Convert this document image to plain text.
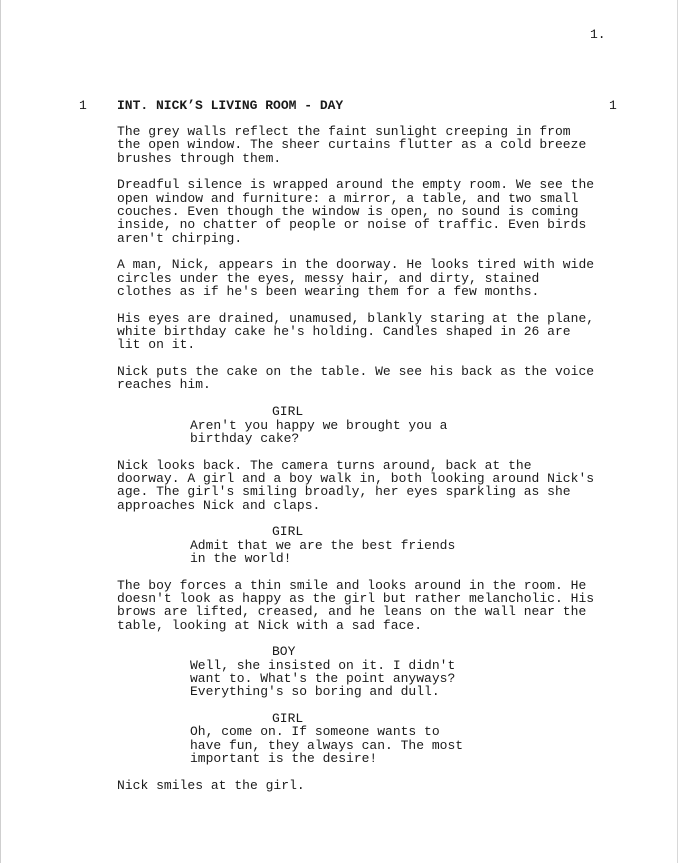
1.
1 INT. NICK’S LIVING ROOM - DAY	1

The grey walls reflect the faint sunlight creeping in from
the open window. The sheer curtains flutter as a cold breeze
brushes through them.

Dreadful silence is wrapped around the empty room. We see the
open window and furniture: a mirror, a table, and two small
couches. Even though the window is open, no sound is coming
inside, no chatter of people or noise of traffic. Even birds
aren't chirping.

A man, Nick, appears in the doorway. He looks tired with wide
circles under the eyes, messy hair, and dirty, stained
clothes as if he's been wearing them for a few months.

His eyes are drained, unamused, blankly staring at the plane,
white birthday cake he's holding. Candles shaped in 26 are
lit on it.

Nick puts the cake on the table. We see his back as the voice
reaches him.

GIRL
Aren't you happy we brought you a
birthday cake?

Nick looks back. The camera turns around, back at the
doorway. A girl and a boy walk in, both looking around Nick's
age. The girl's smiling broadly, her eyes sparkling as she
approaches Nick and claps.

GIRL
Admit that we are the best friends
in the world!

The boy forces a thin smile and looks around in the room. He
doesn't look as happy as the girl but rather melancholic. His
brows are lifted, creased, and he leans on the wall near the
table, looking at Nick with a sad face.

BOY
Well, she insisted on it. I didn't
want to. What's the point anyways?
Everything's so boring and dull.
GIRL
Oh, come on. If someone wants to
have fun, they always can. The most
important is the desire!

Nick smiles at the girl.
